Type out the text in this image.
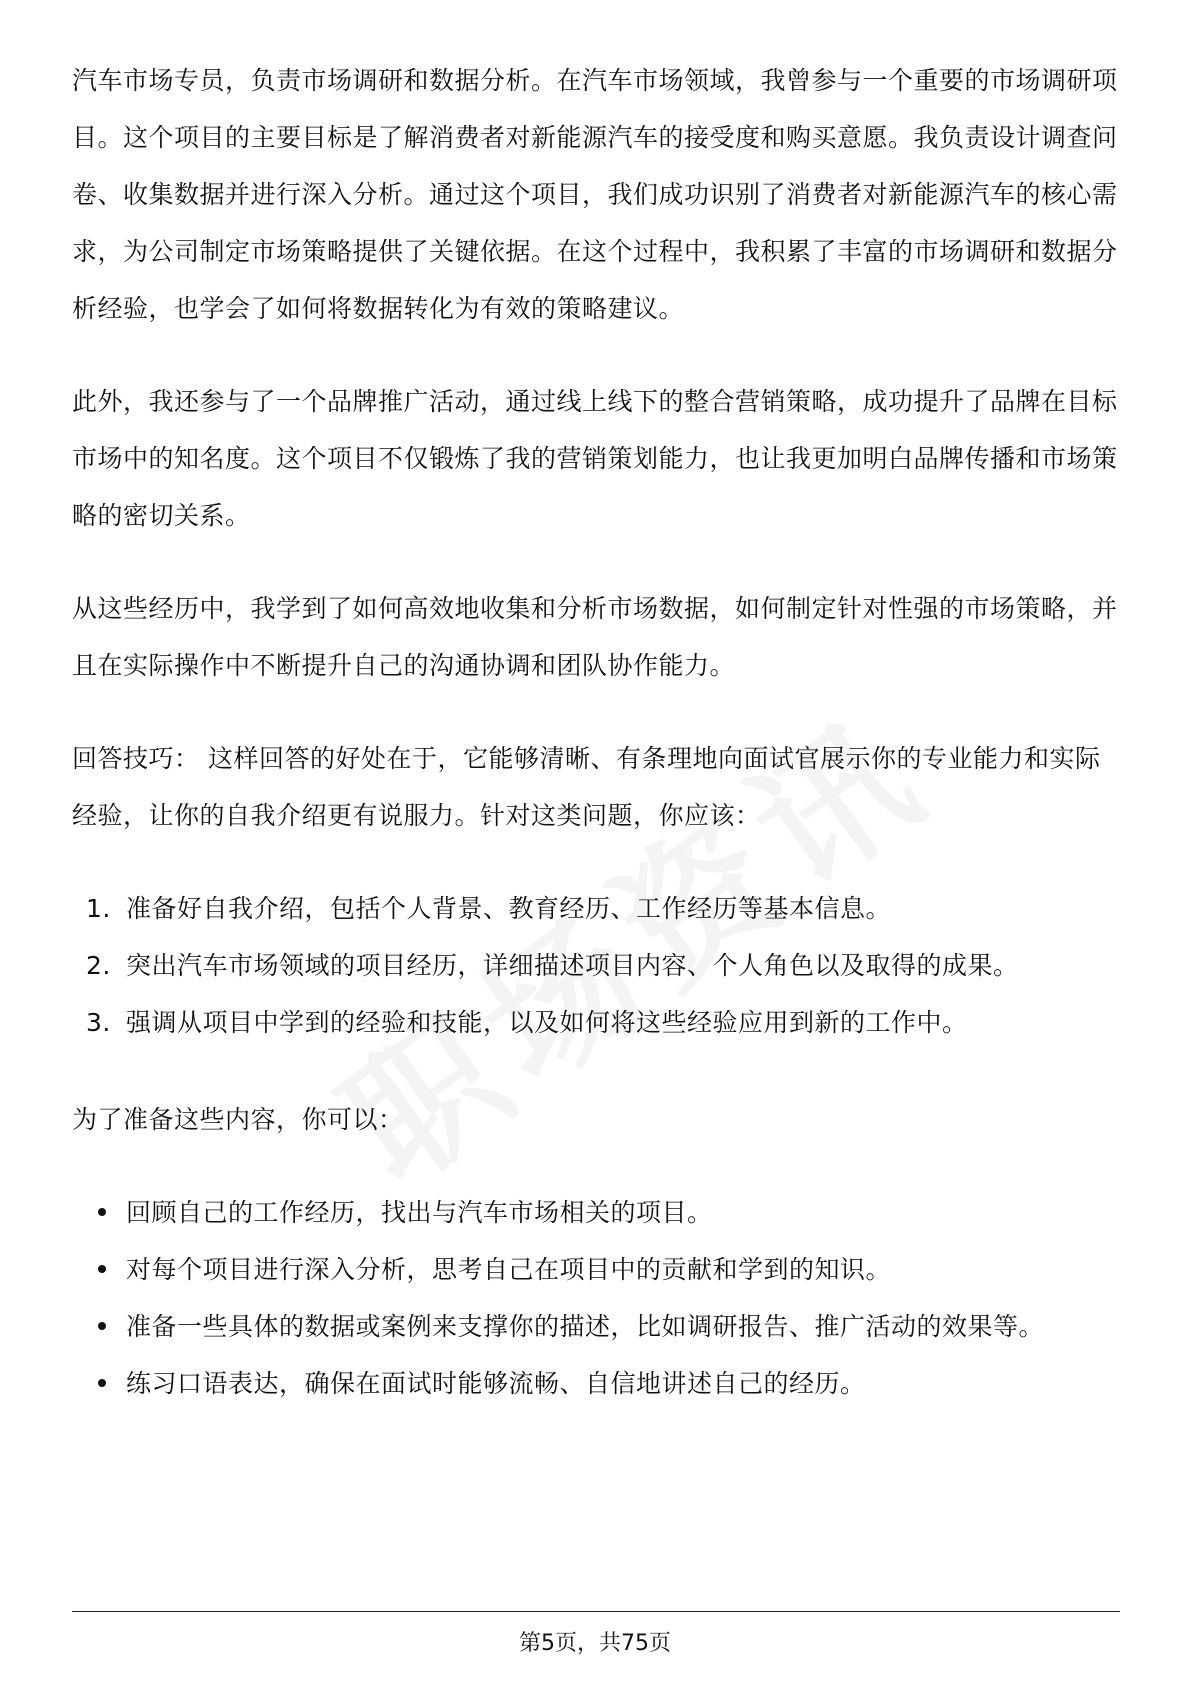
汽车市场专员，负责市场调研和数据分析。在汽车市场领域，我曾参与一个重要的市场调研项目。这个项目的主要目标是了解消费者对新能源汽车的接受度和购买意愿。我负责设计调查问卷、收集数据并进行深入分析。通过这个项目，我们成功识别了消费者对新能源汽车的核心需求，为公司制定市场策略提供了关键依据。在这个过程中，我积累了丰富的市场调研和数据分析经验，也学会了如何将数据转化为有效的策略建议。

此外，我还参与了一个品牌推广活动，通过线上线下的整合营销策略，成功提升了品牌在目标市场中的知名度。这个项目不仅锻炼了我的营销策划能力，也让我更加明白品牌传播和市场策略的密切关系。

从这些经历中，我学到了如何高效地收集和分析市场数据，如何制定针对性强的市场策略，并且在实际操作中不断提升自己的沟通协调和团队协作能力。

回答技巧： 这样回答的好处在于，它能够清晰、有条理地向面试官展示你的专业能力和实际经验，让你的自我介绍更有说服力。针对这类问题，你应该：

1. 准备好自我介绍，包括个人背景、教育经历、工作经历等基本信息。
2. 突出汽车市场领域的项目经历，详细描述项目内容、个人角色以及取得的成果。
3. 强调从项目中学到的经验和技能，以及如何将这些经验应用到新的工作中。

为了准备这些内容，你可以：

回顾自己的工作经历，找出与汽车市场相关的项目。
对每个项目进行深入分析，思考自己在项目中的贡献和学到的知识。
准备一些具体的数据或案例来支撑你的描述，比如调研报告、推广活动的效果等。
练习口语表达，确保在面试时能够流畅、自信地讲述自己的经历。
第5页，共75页
